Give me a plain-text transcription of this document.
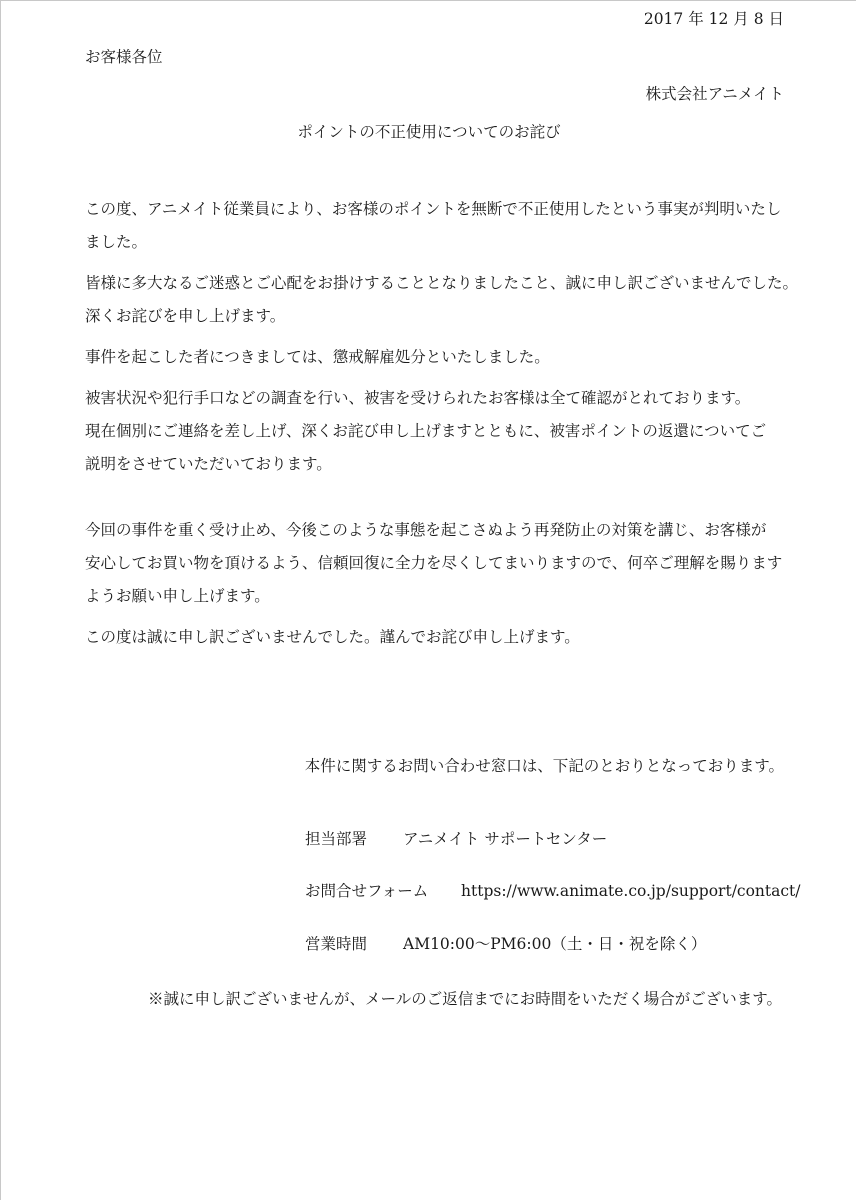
2017 年 12 月 8 日
お客様各位
株式会社アニメイト
ポイントの不正使用についてのお詫び

この度、アニメイト従業員により、お客様のポイントを無断で不正使用したという事実が判明いたし
ました。

皆様に多大なるご迷惑とご心配をお掛けすることとなりましたこと、誠に申し訳ございませんでした。
深くお詫びを申し上げます。

事件を起こした者につきましては、懲戒解雇処分といたしました。

被害状況や犯行手口などの調査を行い、被害を受けられたお客様は全て確認がとれております。
現在個別にご連絡を差し上げ、深くお詫び申し上げますとともに、被害ポイントの返還についてご
説明をさせていただいております。

今回の事件を重く受け止め、今後このような事態を起こさぬよう再発防止の対策を講じ、お客様が
安心してお買い物を頂けるよう、信頼回復に全力を尽くしてまいりますので、何卒ご理解を賜ります
ようお願い申し上げます。

この度は誠に申し訳ございませんでした。謹んでお詫び申し上げます。

本件に関するお問い合わせ窓口は、下記のとおりとなっております。
担当部署 アニメイト サポートセンター
お問合せフォーム https://www.animate.co.jp/support/contact/
営業時間 AM10:00～PM6:00（土・日・祝を除く）
※誠に申し訳ございませんが、メールのご返信までにお時間をいただく場合がございます。
